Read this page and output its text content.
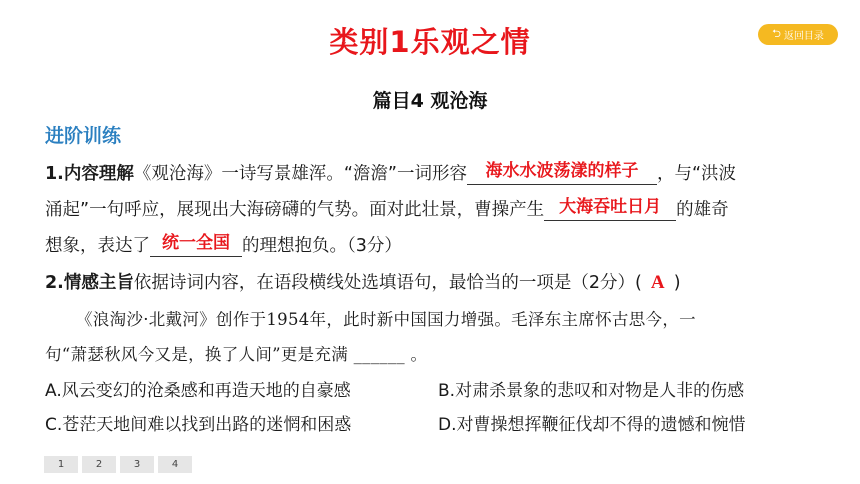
类别1乐观之情	⮌ 返回目录
篇目4 观沧海
进阶训练
1.内容理解《观沧海》一诗写景雄浑。“澹澹”一词形容	海水水波荡漾的样子	，与“洪波
涌起”一句呼应，展现出大海磅礴的气势。面对此壮景，曹操产生 大海吞吐日月 的雄奇
想象，表达了 统一全国 的理想抱负。（3分）
2.情感主旨依据诗词内容，在语段横线处选填语句，最恰当的一项是（2分）( A )
《浪淘沙·北戴河》创作于1954年，此时新中国国力增强。毛泽东主席怀古思今，一
句“萧瑟秋风今又是，换了人间”更是充满 ______ 。
A.风云变幻的沧桑感和再造天地的自豪感	B.对肃杀景象的悲叹和对物是人非的伤感
C.苍茫天地间难以找到出路的迷惘和困惑	D.对曹操想挥鞭征伐却不得的遗憾和惋惜
1	2	3	4
